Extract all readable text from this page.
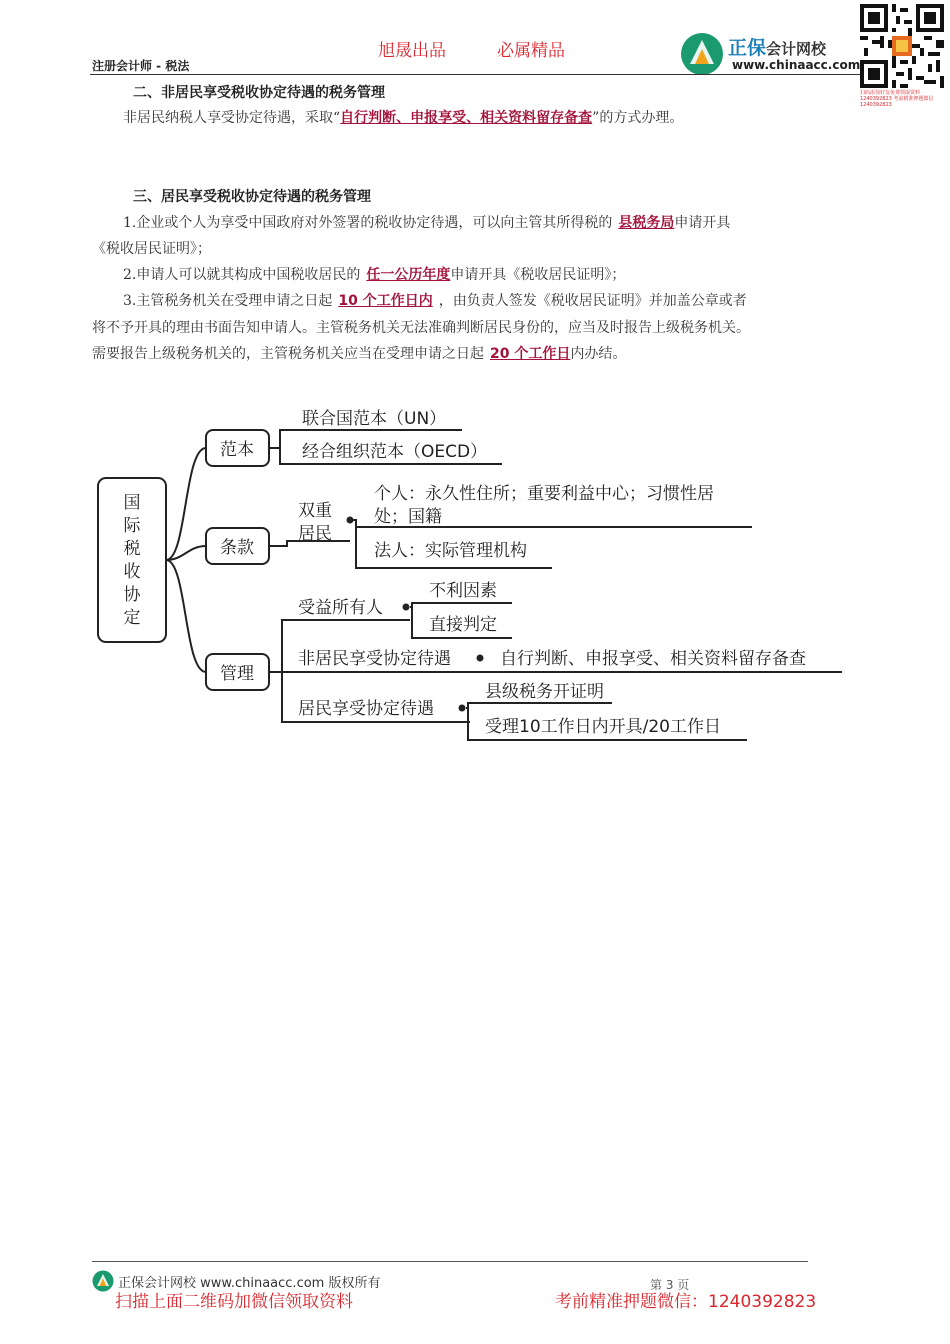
旭晟出品	必属精品	正保会计网校
www.chinaacc.com
扫码添加好友免费领取资料 1240392823 考前精准押题微信 1240392823
注册会计师 - 税法
二、非居民享受税收协定待遇的税务管理
非居民纳税人享受协定待遇，采取“自行判断、申报享受、相关资料留存备查”的方式办理。
三、居民享受税收协定待遇的税务管理
1.企业或个人为享受中国政府对外签署的税收协定待遇，可以向主管其所得税的 县税务局申请开具
《税收居民证明》；
2.申请人可以就其构成中国税收居民的 任一公历年度申请开具《税收居民证明》；
3.主管税务机关在受理申请之日起 10 个工作日内 ，由负责人签发《税收居民证明》并加盖公章或者
将不予开具的理由书面告知申请人。主管税务机关无法准确判断居民身份的，应当及时报告上级税务机关。
需要报告上级税务机关的，主管税务机关应当在受理申请之日起 20 个工作日内办结。
国
际
税
收
协
定
范本
联合国范本（UN）
经合组织范本（OECD）
条款
双重
居民
个人：永久性住所；重要利益中心；习惯性居
处；国籍
法人：实际管理机构
管理
受益所有人
不利因素
直接判定
非居民享受协定待遇	自行判断、申报享受、相关资料留存备查
居民享受协定待遇
县级税务开证明
受理10工作日内开具/20工作日
正保会计网校 www.chinaacc.com 版权所有	第 3 页
扫描上面二维码加微信领取资料	考前精准押题微信：1240392823
